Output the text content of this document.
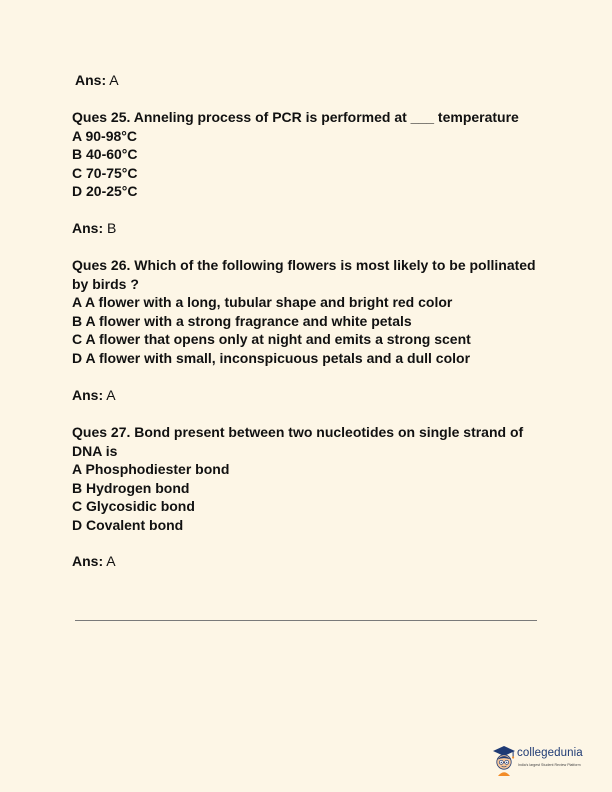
Ans: A

Ques 25. Anneling process of PCR is performed at ___ temperature

A 90-98°C

B 40-60°C

C 70-75°C

D 20-25°C

Ans: B

Ques 26. Which of the following flowers is most likely to be pollinated by birds ?

A A flower with a long, tubular shape and bright red color

B A flower with a strong fragrance and white petals

C A flower that opens only at night and emits a strong scent

D A flower with small, inconspicuous petals and a dull color

Ans: A

Ques 27. Bond present between two nucleotides on single strand of DNA is

A Phosphodiester bond

B Hydrogen bond

C Glycosidic bond

D Covalent bond

Ans: A
collegedunia
India's largest Student Review Platform
